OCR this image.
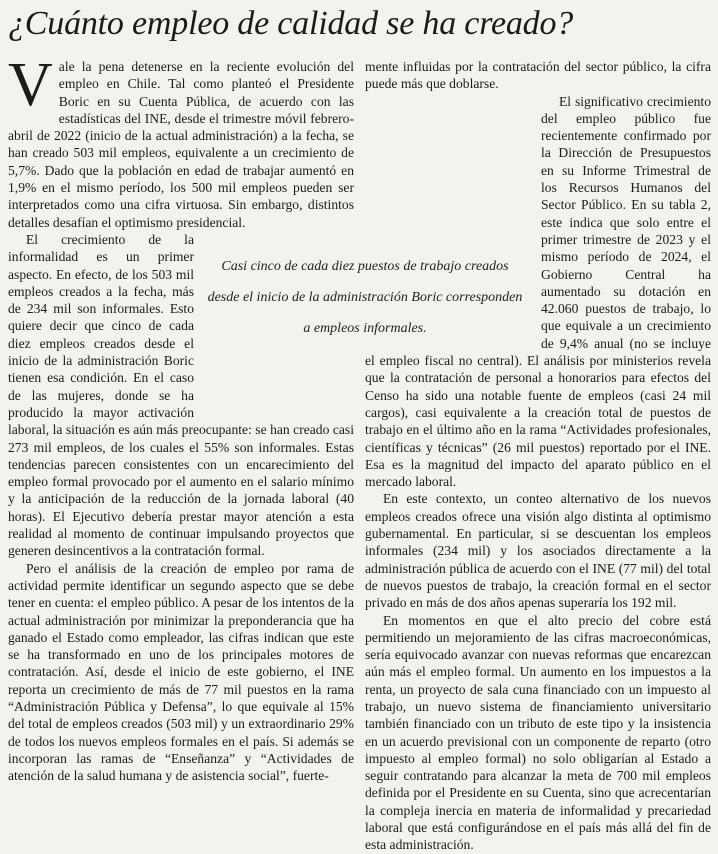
¿Cuánto empleo de calidad se ha creado?
V ale la pena detenerse en la reciente evolución del empleo en Chile. Tal como planteó el Presidente Boric en su Cuenta Pública, de acuerdo con las estadísticas del INE, desde el trimestre móvil febrero-abril de 2022 (inicio de la actual administración) a la fecha, se han creado 503 mil empleos, equivalente a un crecimiento de 5,7%. Dado que la población en edad de trabajar aumentó en 1,9% en el mismo período, los 500 mil empleos pueden ser interpretados como una cifra virtuosa. Sin embargo, distintos detalles desafían el optimismo presidencial.

El crecimiento de la informalidad es un primer aspecto. En efecto, de los 503 mil empleos creados a la fecha, más de 234 mil son informales. Esto quiere decir que cinco de cada diez empleos creados desde el inicio de la administración Boric tienen esa condición. En el caso de las mujeres, donde se ha producido la mayor activación laboral, la situación es aún más preocupante: se han creado casi 273 mil empleos, de los cuales el 55% son informales. Estas tendencias parecen consistentes con un encarecimiento del empleo formal provocado por el aumento en el salario mínimo y la anticipación de la reducción de la jornada laboral (40 horas). El Ejecutivo debería prestar mayor atención a esta realidad al momento de continuar impulsando proyectos que generen desincentivos a la contratación formal.

Pero el análisis de la creación de empleo por rama de actividad permite identificar un segundo aspecto que se debe tener en cuenta: el empleo público. A pesar de los intentos de la actual administración por minimizar la preponderancia que ha ganado el Estado como empleador, las cifras indican que este se ha transformado en uno de los principales motores de contratación. Así, desde el inicio de este gobierno, el INE reporta un crecimiento de más de 77 mil puestos en la rama “Administración Pública y Defensa”, lo que equivale al 15% del total de empleos creados (503 mil) y un extraordinario 29% de todos los nuevos empleos formales en el país. Si además se incorporan las ramas de “Enseñanza” y “Actividades de atención de la salud humana y de asistencia social”, fuerte-

mente influidas por la contratación del sector público, la cifra puede más que doblarse.

El significativo crecimiento del empleo público fue recientemente confirmado por la Dirección de Presupuestos en su Informe Trimestral de los Recursos Humanos del Sector Público. En su tabla 2, este indica que solo entre el primer trimestre de 2023 y el mismo período de 2024, el Gobierno Central ha aumentado su dotación en 42.060 puestos de trabajo, lo que equivale a un crecimiento de 9,4% anual (no se incluye el empleo fiscal no central). El análisis por ministerios revela que la contratación de personal a honorarios para efectos del Censo ha sido una notable fuente de empleos (casi 24 mil cargos), casi equivalente a la creación total de puestos de trabajo en el último año en la rama “Actividades profesionales, científicas y técnicas” (26 mil puestos) reportado por el INE. Esa es la magnitud del impacto del aparato público en el mercado laboral.

En este contexto, un conteo alternativo de los nuevos empleos creados ofrece una visión algo distinta al optimismo gubernamental. En particular, si se descuentan los empleos informales (234 mil) y los asociados directamente a la administración pública de acuerdo con el INE (77 mil) del total de nuevos puestos de trabajo, la creación formal en el sector privado en más de dos años apenas superaría los 192 mil.

En momentos en que el alto precio del cobre está permitiendo un mejoramiento de las cifras macroeconómicas, sería equivocado avanzar con nuevas reformas que encarezcan aún más el empleo formal. Un aumento en los impuestos a la renta, un proyecto de sala cuna financiado con un impuesto al trabajo, un nuevo sistema de financiamiento universitario también financiado con un tributo de este tipo y la insistencia en un acuerdo previsional con un componente de reparto (otro impuesto al empleo formal) no solo obligarían al Estado a seguir contratando para alcanzar la meta de 700 mil empleos definida por el Presidente en su Cuenta, sino que acrecentarían la compleja inercia en materia de informalidad y precariedad laboral que está configurándose en el país más allá del fin de esta administración.

Casi cinco de cada diez puestos de trabajo creados desde el inicio de la administración Boric corresponden a empleos informales.
